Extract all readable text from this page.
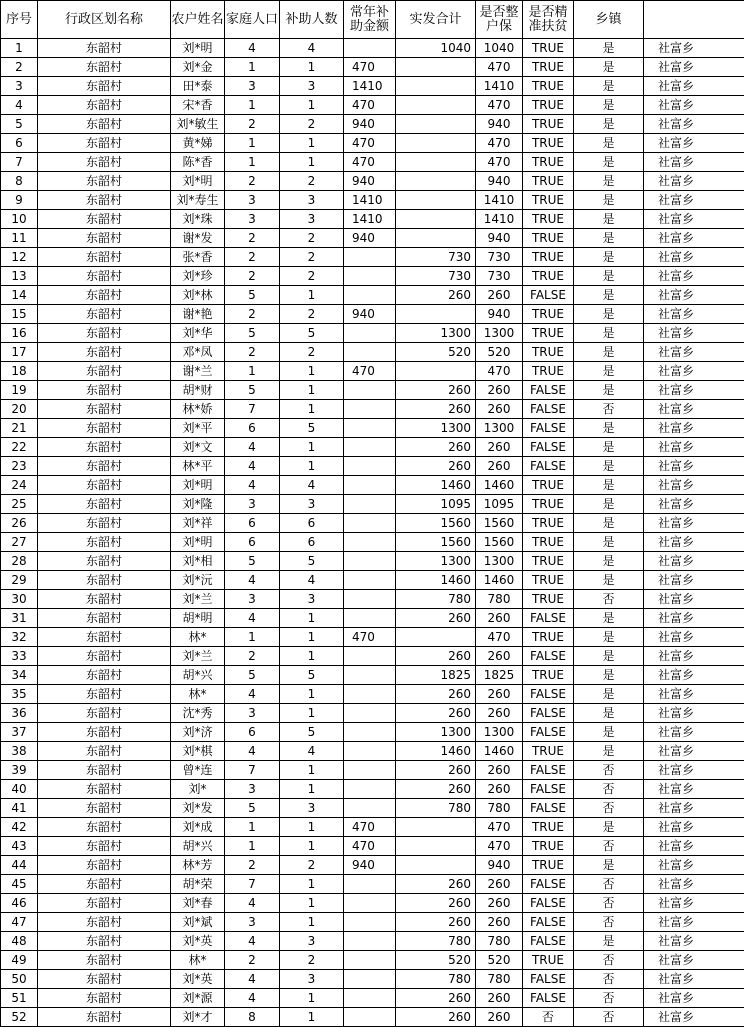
序号	行政区划名称	农户姓名	家庭人口	补助人数	常年补助金额	实发合计	是否整户保	是否精准扶贫	乡镇	
1	东韶村	刘*明	4	4		1040	1040	TRUE	是	社富乡
2	东韶村	刘*金	1	1	470		470	TRUE	是	社富乡
3	东韶村	田*泰	3	3	1410		1410	TRUE	是	社富乡
4	东韶村	宋*香	1	1	470		470	TRUE	是	社富乡
5	东韶村	刘*敏生	2	2	940		940	TRUE	是	社富乡
6	东韶村	黄*娣	1	1	470		470	TRUE	是	社富乡
7	东韶村	陈*香	1	1	470		470	TRUE	是	社富乡
8	东韶村	刘*明	2	2	940		940	TRUE	是	社富乡
9	东韶村	刘*寿生	3	3	1410		1410	TRUE	是	社富乡
10	东韶村	刘*珠	3	3	1410		1410	TRUE	是	社富乡
11	东韶村	谢*发	2	2	940		940	TRUE	是	社富乡
12	东韶村	张*香	2	2		730	730	TRUE	是	社富乡
13	东韶村	刘*珍	2	2		730	730	TRUE	是	社富乡
14	东韶村	刘*林	5	1		260	260	FALSE	是	社富乡
15	东韶村	谢*艳	2	2	940		940	TRUE	是	社富乡
16	东韶村	刘*华	5	5		1300	1300	TRUE	是	社富乡
17	东韶村	邓*凤	2	2		520	520	TRUE	是	社富乡
18	东韶村	谢*兰	1	1	470		470	TRUE	是	社富乡
19	东韶村	胡*财	5	1		260	260	FALSE	是	社富乡
20	东韶村	林*娇	7	1		260	260	FALSE	否	社富乡
21	东韶村	刘*平	6	5		1300	1300	FALSE	是	社富乡
22	东韶村	刘*文	4	1		260	260	FALSE	是	社富乡
23	东韶村	林*平	4	1		260	260	FALSE	是	社富乡
24	东韶村	刘*明	4	4		1460	1460	TRUE	是	社富乡
25	东韶村	刘*隆	3	3		1095	1095	TRUE	是	社富乡
26	东韶村	刘*祥	6	6		1560	1560	TRUE	是	社富乡
27	东韶村	刘*明	6	6		1560	1560	TRUE	是	社富乡
28	东韶村	刘*相	5	5		1300	1300	TRUE	是	社富乡
29	东韶村	刘*沅	4	4		1460	1460	TRUE	是	社富乡
30	东韶村	刘*兰	3	3		780	780	TRUE	否	社富乡
31	东韶村	胡*明	4	1		260	260	FALSE	是	社富乡
32	东韶村	林*	1	1	470		470	TRUE	是	社富乡
33	东韶村	刘*兰	2	1		260	260	FALSE	是	社富乡
34	东韶村	胡*兴	5	5		1825	1825	TRUE	是	社富乡
35	东韶村	林*	4	1		260	260	FALSE	是	社富乡
36	东韶村	沈*秀	3	1		260	260	FALSE	是	社富乡
37	东韶村	刘*济	6	5		1300	1300	FALSE	是	社富乡
38	东韶村	刘*棋	4	4		1460	1460	TRUE	是	社富乡
39	东韶村	曾*连	7	1		260	260	FALSE	否	社富乡
40	东韶村	刘*	3	1		260	260	FALSE	否	社富乡
41	东韶村	刘*发	5	3		780	780	FALSE	否	社富乡
42	东韶村	刘*成	1	1	470		470	TRUE	是	社富乡
43	东韶村	胡*兴	1	1	470		470	TRUE	否	社富乡
44	东韶村	林*芳	2	2	940		940	TRUE	是	社富乡
45	东韶村	胡*荣	7	1		260	260	FALSE	否	社富乡
46	东韶村	刘*春	4	1		260	260	FALSE	否	社富乡
47	东韶村	刘*斌	3	1		260	260	FALSE	否	社富乡
48	东韶村	刘*英	4	3		780	780	FALSE	是	社富乡
49	东韶村	林*	2	2		520	520	TRUE	否	社富乡
50	东韶村	刘*英	4	3		780	780	FALSE	否	社富乡
51	东韶村	刘*源	4	1		260	260	FALSE	否	社富乡
52	东韶村	刘*才	8	1		260	260	否	否	社富乡
